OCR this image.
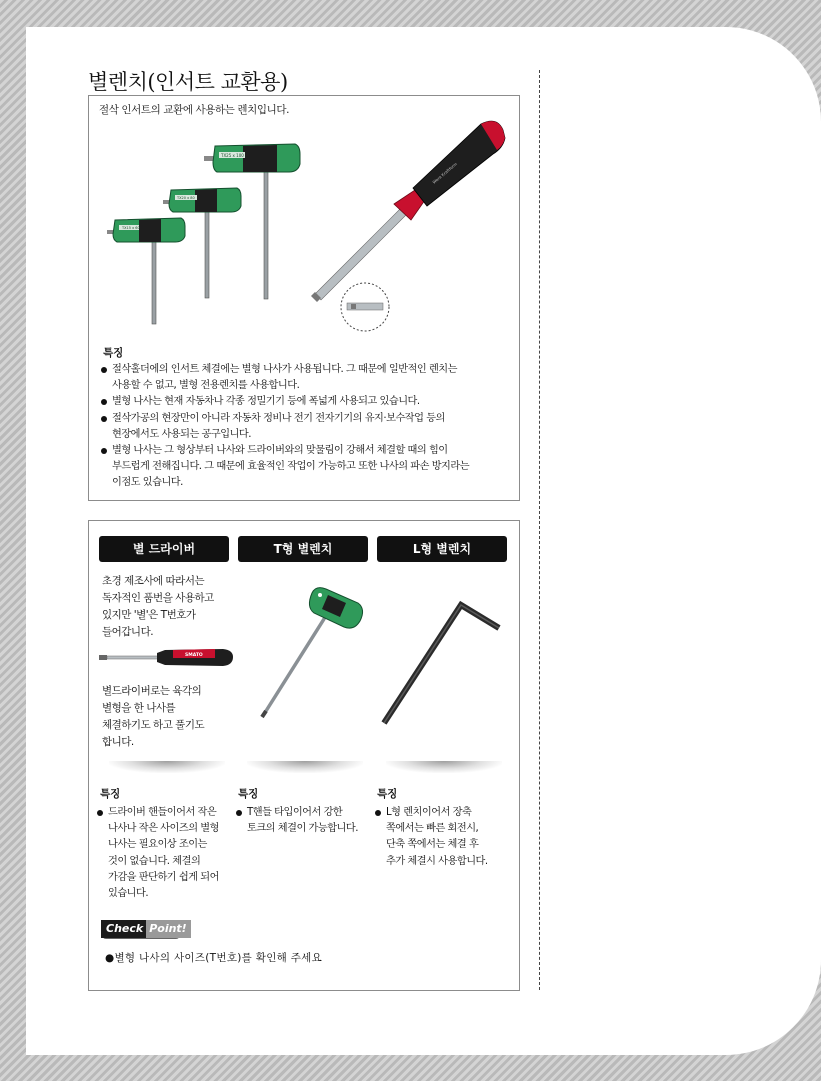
별렌치(인서트 교환용)
절삭 인서트의 교환에 사용하는 렌치입니다.
TX15 x 60
TX20 x 80
TX25 x 100
Wera Kraftform
특징
절삭홀더에의 인서트 체결에는 별형 나사가 사용됩니다. 그 때문에 일반적인 렌치는
사용할 수 없고, 별형 전용렌치를 사용합니다.
별형 나사는 현재 자동차나 각종 정밀기기 등에 폭넓게 사용되고 있습니다.
절삭가공의 현장만이 아니라 자동차 정비나 전기 전자기기의 유지·보수작업 등의
현장에서도 사용되는 공구입니다.
별형 나사는 그 형상부터 나사와 드라이버와의 맞물림이 강해서 체결할 때의 힘이
부드럽게 전해집니다. 그 때문에 효율적인 작업이 가능하고 또한 나사의 파손 방지라는
이점도 있습니다.
별 드라이버	T형 별렌치	L형 별렌치
초경 제조사에 따라서는
독자적인 품번을 사용하고
있지만 '별'은 T번호가
들어갑니다.
SMATO
별드라이버로는 육각의
별형을 한 나사를
체결하기도 하고 풀기도
합니다.
특징
드라이버 핸들이어서 작은
나사나 작은 사이즈의 별형
나사는 필요이상 조이는
것이 없습니다. 체결의
가감을 판단하기 쉽게 되어
있습니다.
특징
T핸들 타입이어서 강한
토크의 체결이 가능합니다.
특징
L형 렌치이어서 장축
쪽에서는 빠른 회전시,
단축 쪽에서는 체결 후
추가 체결시 사용합니다.
Check Point!
●별형 나사의 사이즈(T번호)를 확인해 주세요
